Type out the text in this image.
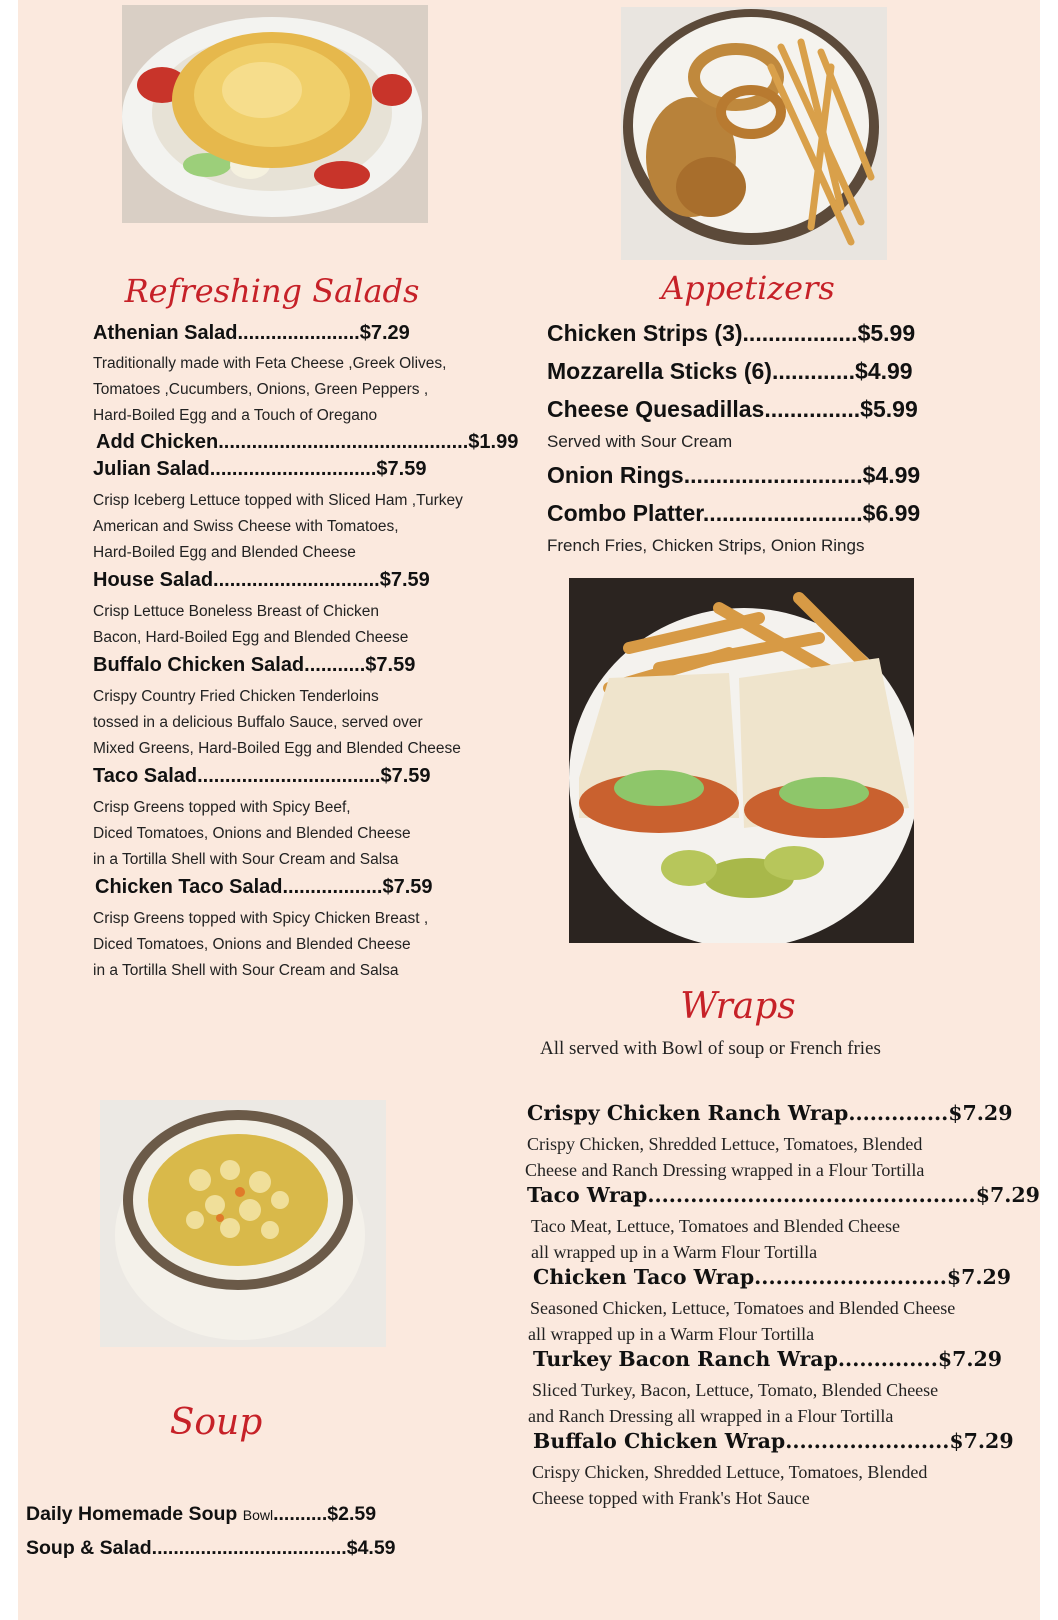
Refreshing Salads
Athenian Salad......................$7.29
Traditionally made with Feta Cheese ,Greek Olives,
Tomatoes ,Cucumbers, Onions, Green Peppers ,
Hard-Boiled Egg and a Touch of Oregano
Add Chicken.............................................$1.99
Julian Salad..............................$7.59
Crisp Iceberg Lettuce topped with Sliced Ham ,Turkey
American and Swiss Cheese with Tomatoes,
Hard-Boiled Egg and Blended Cheese
House Salad..............................$7.59
Crisp Lettuce Boneless Breast of Chicken
Bacon, Hard-Boiled Egg and Blended Cheese
Buffalo Chicken Salad...........$7.59
Crispy Country Fried Chicken Tenderloins
tossed in a delicious Buffalo Sauce, served over
Mixed Greens, Hard-Boiled Egg and Blended Cheese
Taco Salad.................................$7.59
Crisp Greens topped with Spicy Beef,
Diced Tomatoes, Onions and Blended Cheese
in a Tortilla Shell with Sour Cream and Salsa
Chicken Taco Salad..................$7.59
Crisp Greens topped with Spicy Chicken Breast ,
Diced Tomatoes, Onions and Blended Cheese
in a Tortilla Shell with Sour Cream and Salsa
Appetizers
Chicken Strips (3)..................$5.99
Mozzarella Sticks (6).............$4.99
Cheese Quesadillas...............$5.99
Served with Sour Cream
Onion Rings............................$4.99
Combo Platter.........................$6.99
French Fries, Chicken Strips, Onion Rings
Wraps
All served with Bowl of soup or French fries
Crispy Chicken Ranch Wrap..............$7.29
Crispy Chicken, Shredded Lettuce, Tomatoes, Blended
Cheese and Ranch Dressing wrapped in a Flour Tortilla
Taco Wrap..............................................$7.29
Taco Meat, Lettuce, Tomatoes and Blended Cheese
all wrapped up in a Warm Flour Tortilla
Chicken Taco Wrap...........................$7.29
Seasoned Chicken, Lettuce, Tomatoes and Blended Cheese
all wrapped up in a Warm Flour Tortilla
Turkey Bacon Ranch Wrap..............$7.29
Sliced Turkey, Bacon, Lettuce, Tomato, Blended Cheese
and Ranch Dressing all wrapped in a Flour Tortilla
Buffalo Chicken Wrap.......................$7.29
Crispy Chicken, Shredded Lettuce, Tomatoes, Blended
Cheese topped with Frank's Hot Sauce
Soup
Daily Homemade Soup Bowl..........$2.59
Soup & Salad....................................$4.59
